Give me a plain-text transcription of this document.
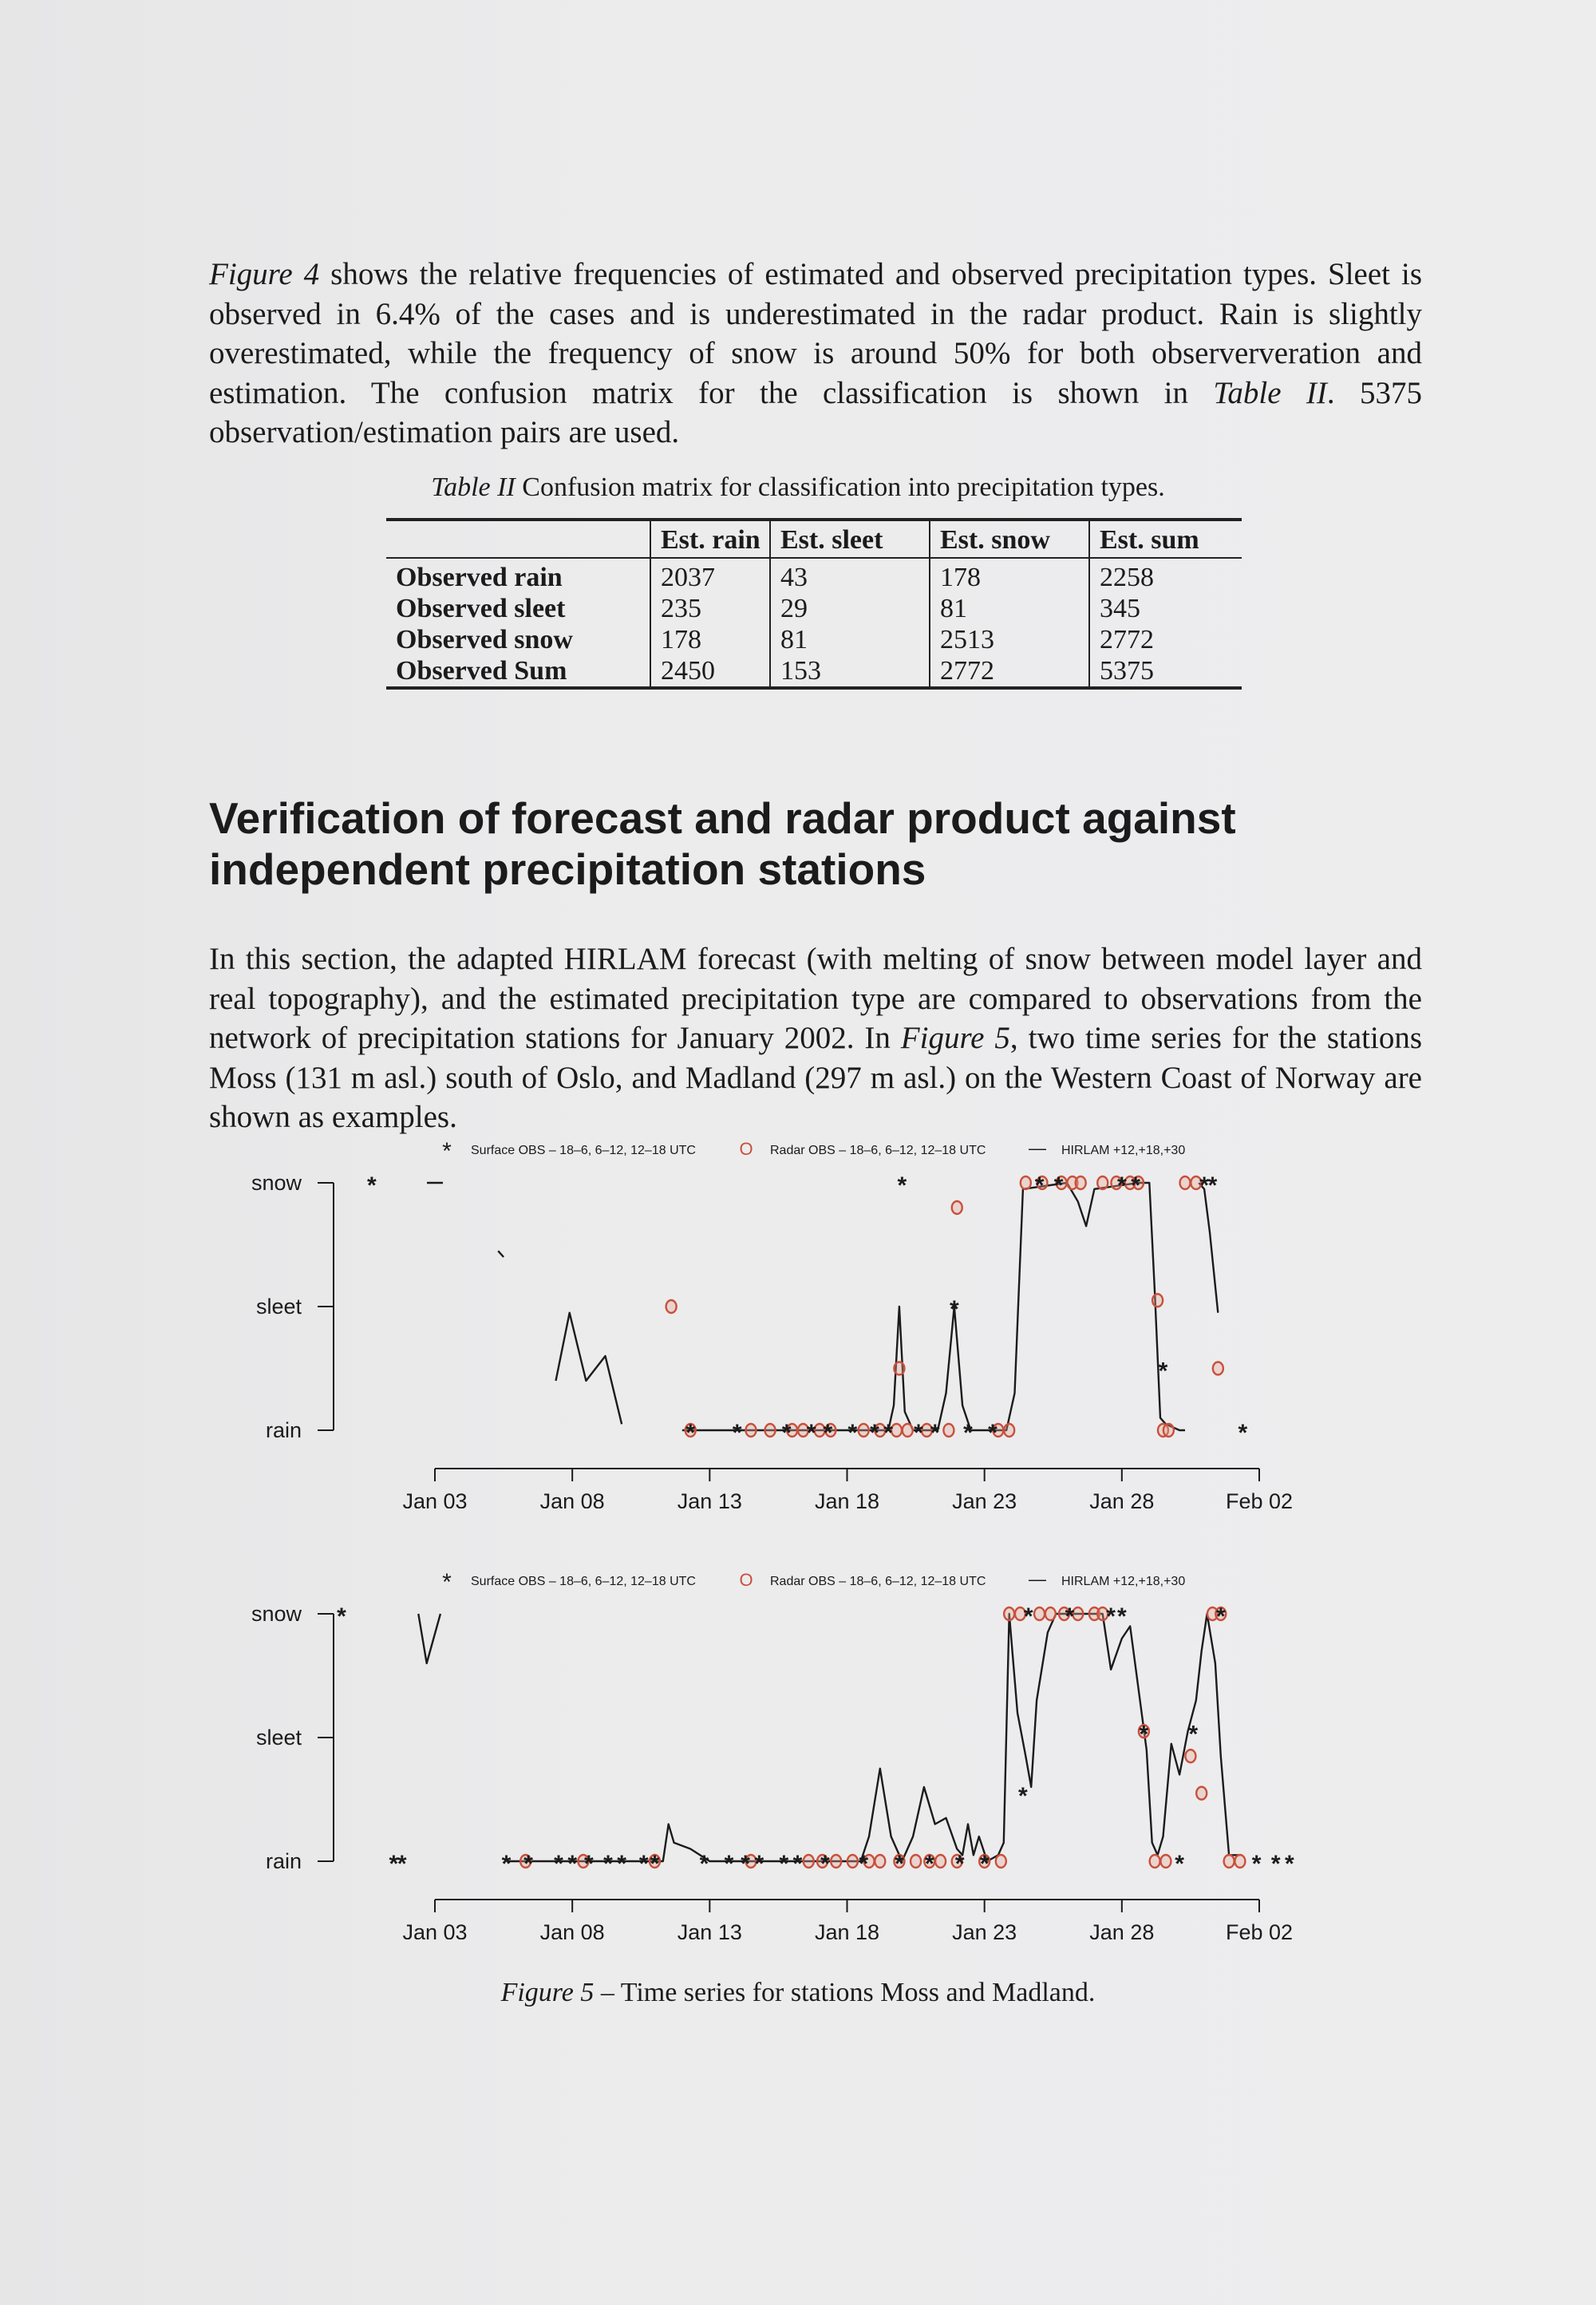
Figure 4 shows the relative frequencies of estimated and observed precipitation types. Sleet is observed in 6.4% of the cases and is underestimated in the radar product. Rain is slightly overestimated, while the frequency of snow is around 50% for both obserververation and estimation. The confusion matrix for the classification is shown in Table II. 5375 observation/estimation pairs are used.

Table II Confusion matrix for classification into precipitation types.
	Est. rain	Est. sleet	Est. snow	Est. sum
Observed rain	2037	43	178	2258
Observed sleet	235	29	81	345
Observed snow	178	81	2513	2772
Observed Sum	2450	153	2772	5375
Verification of forecast and radar product against independent precipitation stations

In this section, the adapted HIRLAM forecast (with melting of snow between model layer and real topography), and the estimated precipitation type are compared to observations from the network of precipitation stations for January 2002. In Figure 5, two time series for the stations Moss (131 m asl.) south of Oslo, and Madland (297 m asl.) on the Western Coast of Norway are shown as examples.

* Surface OBS – 18–6, 6–12, 12–18 UTC O Radar OBS – 18–6, 6–12, 12–18 UTC — HIRLAM +12,+18,+30
rain
sleet
snow
Jan 03	Jan 08	Jan 13	Jan 18	Jan 23	Jan 28	Feb 02
*	*
*
* *
*
*
* *	*
*
* * * * * * * * * * * *
* Surface OBS – 18–6, 6–12, 12–18 UTC O Radar OBS – 18–6, 6–12, 12–18 UTC — HIRLAM +12,+18,+30
rain
sleet
snow
Jan 03	Jan 08	Jan 13	Jan 18	Jan 23	Jan 28	Feb 02
*
*
*	* * * * * * * * * * * * * * * * * * * * *
*
* * * *
*
*
*
*
* * *
Figure 5 – Time series for stations Moss and Madland.
